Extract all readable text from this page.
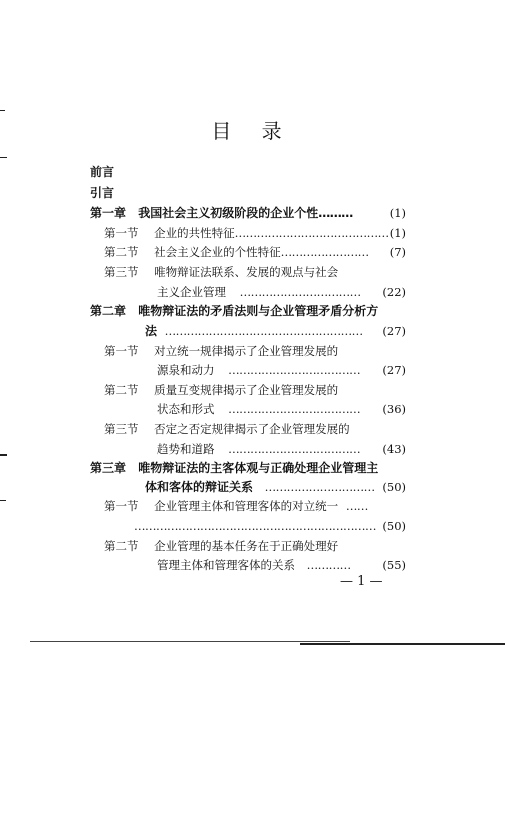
目 录
前言
引言
第一章 我国社会主义初级阶段的企业个性………	(1)
第一节 企业的共性特征…………………………………… (1)
第二节 社会主义企业的个性特征…………………… (7)
第三节 唯物辩证法联系、发展的观点与社会
主义企业管理 …………………………… (22)
第二章 唯物辩证法的矛盾法则与企业管理矛盾分析方
法 ……………………………………………… (27)
第一节 对立统一规律揭示了企业管理发展的
源泉和动力 ……………………………… (27)
第二节 质量互变规律揭示了企业管理发展的
状态和形式 ……………………………… (36)
第三节 否定之否定规律揭示了企业管理发展的
趋势和道路 ……………………………… (43)
第三章 唯物辩证法的主客体观与正确处理企业管理主
体和客体的辩证关系 ………………………… (50)
第一节 企业管理主体和管理客体的对立统一 ……
………………………………………………………… (50)
第二节 企业管理的基本任务在于正确处理好
管理主体和管理客体的关系 …………	(55)
— 1 —
